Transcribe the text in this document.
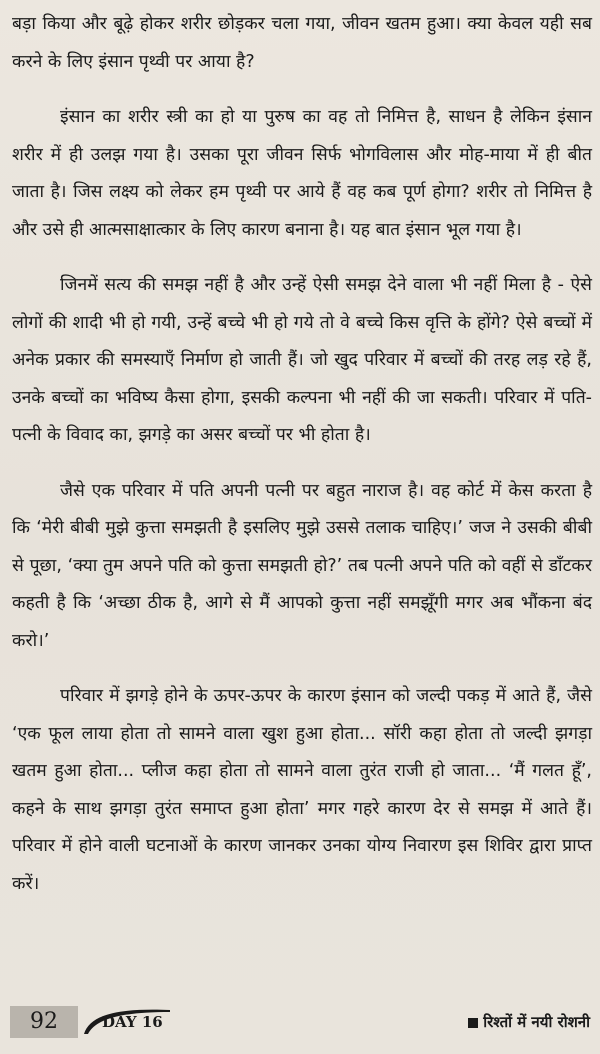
बड़ा किया और बूढ़े होकर शरीर छोड़कर चला गया, जीवन खतम हुआ। क्या केवल यही सब करने के लिए इंसान पृथ्वी पर आया है?

इंसान का शरीर स्त्री का हो या पुरुष का वह तो निमित्त है, साधन है लेकिन इंसान शरीर में ही उलझ गया है। उसका पूरा जीवन सिर्फ भोगविलास और मोह-माया में ही बीत जाता है। जिस लक्ष्य को लेकर हम पृथ्वी पर आये हैं वह कब पूर्ण होगा? शरीर तो निमित्त है और उसे ही आत्मसाक्षात्कार के लिए कारण बनाना है। यह बात इंसान भूल गया है।

जिनमें सत्य की समझ नहीं है और उन्हें ऐसी समझ देने वाला भी नहीं मिला है - ऐसे लोगों की शादी भी हो गयी, उन्हें बच्चे भी हो गये तो वे बच्चे किस वृत्ति के होंगे? ऐसे बच्चों में अनेक प्रकार की समस्याएँ निर्माण हो जाती हैं। जो खुद परिवार में बच्चों की तरह लड़ रहे हैं, उनके बच्चों का भविष्य कैसा होगा, इसकी कल्पना भी नहीं की जा सकती। परिवार में पति-पत्नी के विवाद का, झगड़े का असर बच्चों पर भी होता है।

जैसे एक परिवार में पति अपनी पत्नी पर बहुत नाराज है। वह कोर्ट में केस करता है कि ‘मेरी बीबी मुझे कुत्ता समझती है इसलिए मुझे उससे तलाक चाहिए।’ जज ने उसकी बीबी से पूछा, ‘क्या तुम अपने पति को कुत्ता समझती हो?’ तब पत्नी अपने पति को वहीं से डाँटकर कहती है कि ‘अच्छा ठीक है, आगे से मैं आपको कुत्ता नहीं समझूँगी मगर अब भौंकना बंद करो।’

परिवार में झगड़े होने के ऊपर-ऊपर के कारण इंसान को जल्दी पकड़ में आते हैं, जैसे ‘एक फूल लाया होता तो सामने वाला खुश हुआ होता... सॉरी कहा होता तो जल्दी झगड़ा खतम हुआ होता... प्लीज कहा होता तो सामने वाला तुरंत राजी हो जाता... ‘मैं गलत हूँ’, कहने के साथ झगड़ा तुरंत समाप्त हुआ होता’ मगर गहरे कारण देर से समझ में आते हैं। परिवार में होने वाली घटनाओं के कारण जानकर उनका योग्य निवारण इस शिविर द्वारा प्राप्त करें।

92	DAY 16	रिश्तों में नयी रोशनी
